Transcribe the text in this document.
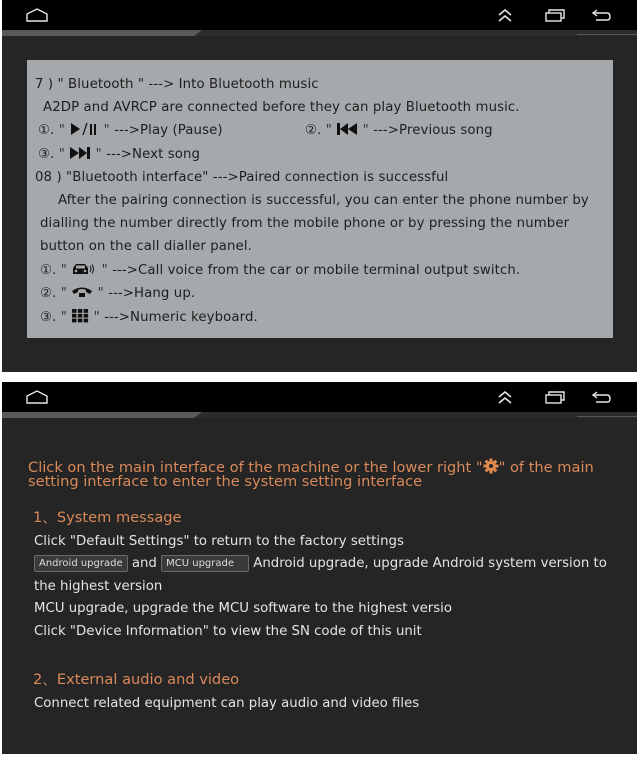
7 ) " Bluetooth " ---> Into Bluetooth music
A2DP and AVRCP are connected before they can play Bluetooth music.
①. "	" --->Play (Pause)	②. " " --->Previous song
③. " " --->Next song
08 ) "Bluetooth interface" --->Paired connection is successful
After the pairing connection is successful, you can enter the phone number by
dialling the number directly from the mobile phone or by pressing the number
button on the call dialler panel.
①. "	" --->Call voice from the car or mobile terminal output switch.
②. " " --->Hang up.
③. " " --->Numeric keyboard.
Click on the main interface of the machine or the lower right " " of the main
setting interface to enter the system setting interface
1、System message
Click "Default Settings" to return to the factory settings
Android upgrade and MCU upgrade Android upgrade, upgrade Android system version to
the highest version
MCU upgrade, upgrade the MCU software to the highest versio
Click "Device Information" to view the SN code of this unit
2、External audio and video
Connect related equipment can play audio and video files
